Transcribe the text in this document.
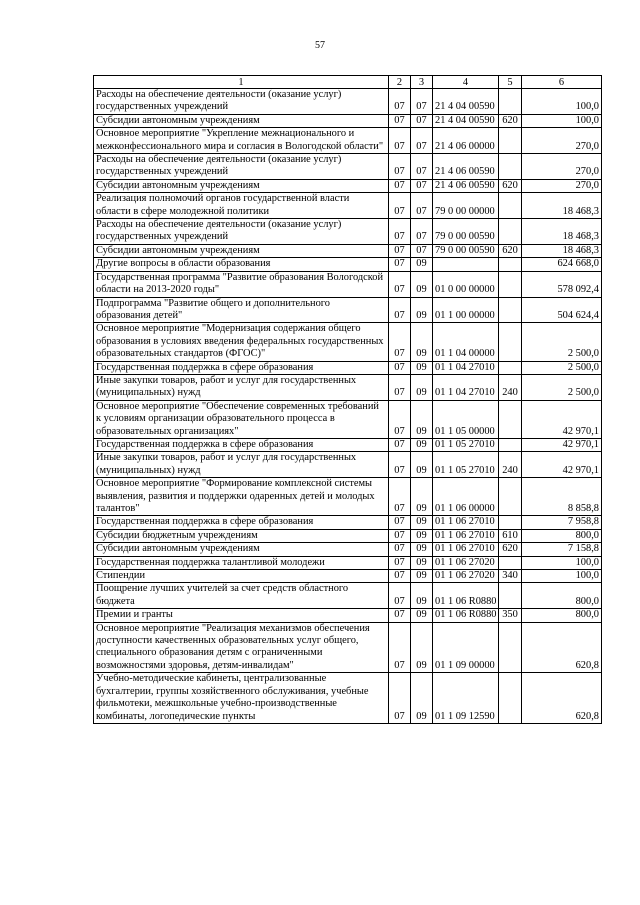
57
1	2	3	4	5	6
Расходы на обеспечение деятельности (оказание услуг) государственных учреждений	07	07	21 4 04 00590		100,0
Субсидии автономным учреждениям	07	07	21 4 04 00590	620	100,0
Основное мероприятие "Укрепление межнационального и межконфессионального мира и согласия в Вологодской области"	07	07	21 4 06 00000		270,0
Расходы на обеспечение деятельности (оказание услуг) государственных учреждений	07	07	21 4 06 00590		270,0
Субсидии автономным учреждениям	07	07	21 4 06 00590	620	270,0
Реализация полномочий органов государственной власти области в сфере молодежной политики	07	07	79 0 00 00000		18 468,3
Расходы на обеспечение деятельности (оказание услуг) государственных учреждений	07	07	79 0 00 00590		18 468,3
Субсидии автономным учреждениям	07	07	79 0 00 00590	620	18 468,3
Другие вопросы в области образования	07	09			624 668,0
Государственная программа "Развитие образования Вологодской области на 2013-2020 годы"	07	09	01 0 00 00000		578 092,4
Подпрограмма "Развитие общего и дополнительного образования детей"	07	09	01 1 00 00000		504 624,4
Основное мероприятие "Модернизация содержания общего образования в условиях введения федеральных государственных образовательных стандартов (ФГОС)"	07	09	01 1 04 00000		2 500,0
Государственная поддержка в сфере образования	07	09	01 1 04 27010		2 500,0
Иные закупки товаров, работ и услуг для государственных (муниципальных) нужд	07	09	01 1 04 27010	240	2 500,0
Основное мероприятие "Обеспечение современных требований к условиям организации образовательного процесса в образовательных организациях"	07	09	01 1 05 00000		42 970,1
Государственная поддержка в сфере образования	07	09	01 1 05 27010		42 970,1
Иные закупки товаров, работ и услуг для государственных (муниципальных) нужд	07	09	01 1 05 27010	240	42 970,1
Основное мероприятие "Формирование комплексной системы выявления, развития и поддержки одаренных детей и молодых талантов"	07	09	01 1 06 00000		8 858,8
Государственная поддержка в сфере образования	07	09	01 1 06 27010		7 958,8
Субсидии бюджетным учреждениям	07	09	01 1 06 27010	610	800,0
Субсидии автономным учреждениям	07	09	01 1 06 27010	620	7 158,8
Государственная поддержка талантливой молодежи	07	09	01 1 06 27020		100,0
Стипендии	07	09	01 1 06 27020	340	100,0
Поощрение лучших учителей за счет средств областного бюджета	07	09	01 1 06 R0880		800,0
Премии и гранты	07	09	01 1 06 R0880	350	800,0
Основное мероприятие "Реализация механизмов обеспечения доступности качественных образовательных услуг общего, специального образования детям с ограниченными возможностями здоровья, детям-инвалидам"	07	09	01 1 09 00000		620,8
Учебно-методические кабинеты, централизованные бухгалтерии, группы хозяйственного обслуживания, учебные фильмотеки, межшкольные учебно-производственные комбинаты, логопедические пункты	07	09	01 1 09 12590		620,8
